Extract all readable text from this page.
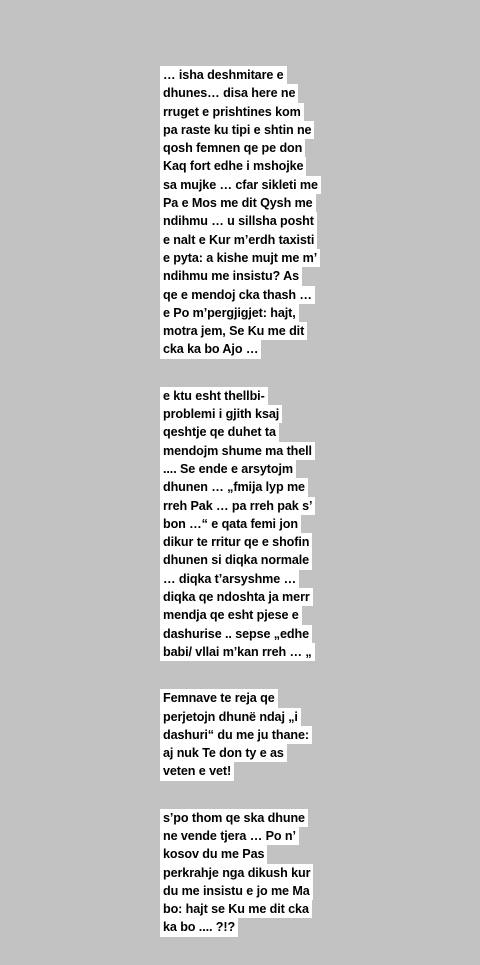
… isha deshmitare e
dhunes… disa here ne
rruget e prishtines kom
pa raste ku tipi e shtin ne
qosh femnen qe pe don
Kaq fort edhe i mshojke
sa mujke … cfar sikleti me
Pa e Mos me dit Qysh me
ndihmu … u sillsha posht
e nalt e Kur m’erdh taxisti
e pyta: a kishe mujt me m’
ndihmu me insistu? As
qe e mendoj cka thash …
e Po m’pergjigjet: hajt,
motra jem, Se Ku me dit
cka ka bo Ajo …
e ktu esht thellbi-
problemi i gjith ksaj
qeshtje qe duhet ta
mendojm shume ma thell
.... Se ende e arsytojm
dhunen … „fmija lyp me
rreh Pak … pa rreh pak s’
bon …“ e qata femi jon
dikur te rritur qe e shofin
dhunen si diqka normale
… diqka t’arsyshme …
diqka qe ndoshta ja merr
mendja qe esht pjese e
dashurise .. sepse „edhe
babi/ vllai m’kan rreh … „
Femnave te reja qe
perjetojn dhunë ndaj „i
dashuri“ du me ju thane:
aj nuk Te don ty e as
veten e vet!
s’po thom qe ska dhune
ne vende tjera … Po n’
kosov du me Pas
perkrahje nga dikush kur
du me insistu e jo me Ma
bo: hajt se Ku me dit cka
ka bo .... ?!?
